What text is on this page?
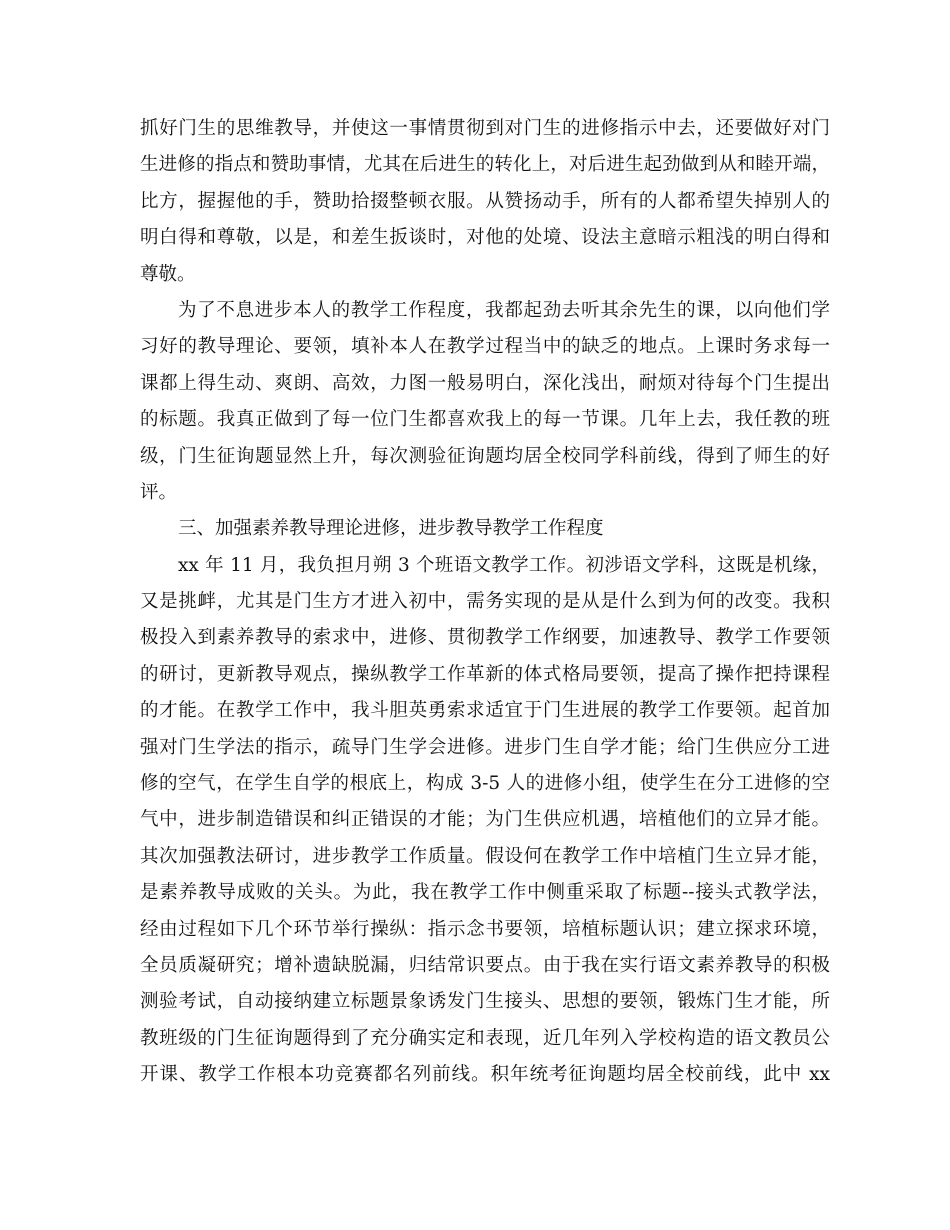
抓好门生的思维教导，并使这一事情贯彻到对门生的进修指示中去，还要做好对门
生进修的指点和赞助事情，尤其在后进生的转化上，对后进生起劲做到从和睦开端，
比方，握握他的手，赞助拾掇整顿衣服。从赞扬动手，所有的人都希望失掉别人的
明白得和尊敬，以是，和差生扳谈时，对他的处境、设法主意暗示粗浅的明白得和
尊敬。
为了不息进步本人的教学工作程度，我都起劲去听其余先生的课，以向他们学
习好的教导理论、要领，填补本人在教学过程当中的缺乏的地点。上课时务求每一
课都上得生动、爽朗、高效，力图一般易明白，深化浅出，耐烦对待每个门生提出
的标题。我真正做到了每一位门生都喜欢我上的每一节课。几年上去，我任教的班
级，门生征询题显然上升，每次测验征询题均居全校同学科前线，得到了师生的好
评。
三、加强素养教导理论进修，进步教导教学工作程度
xx 年 11 月，我负担月朔 3 个班语文教学工作。初涉语文学科，这既是机缘，
又是挑衅，尤其是门生方才进入初中，需务实现的是从是什么到为何的改变。我积
极投入到素养教导的索求中，进修、贯彻教学工作纲要，加速教导、教学工作要领
的研讨，更新教导观点，操纵教学工作革新的体式格局要领，提高了操作把持课程
的才能。在教学工作中，我斗胆英勇索求适宜于门生进展的教学工作要领。起首加
强对门生学法的指示，疏导门生学会进修。进步门生自学才能；给门生供应分工进
修的空气，在学生自学的根底上，构成 3-5 人的进修小组，使学生在分工进修的空
气中，进步制造错误和纠正错误的才能；为门生供应机遇，培植他们的立异才能。
其次加强教法研讨，进步教学工作质量。假设何在教学工作中培植门生立异才能，
是素养教导成败的关头。为此，我在教学工作中侧重采取了标题--接头式教学法，
经由过程如下几个环节举行操纵：指示念书要领，培植标题认识；建立探求环境，
全员质凝研究；增补遗缺脱漏，归结常识要点。由于我在实行语文素养教导的积极
测验考试，自动接纳建立标题景象诱发门生接头、思想的要领，锻炼门生才能，所
教班级的门生征询题得到了充分确实定和表现，近几年列入学校构造的语文教员公
开课、教学工作根本功竞赛都名列前线。积年统考征询题均居全校前线，此中 xx
